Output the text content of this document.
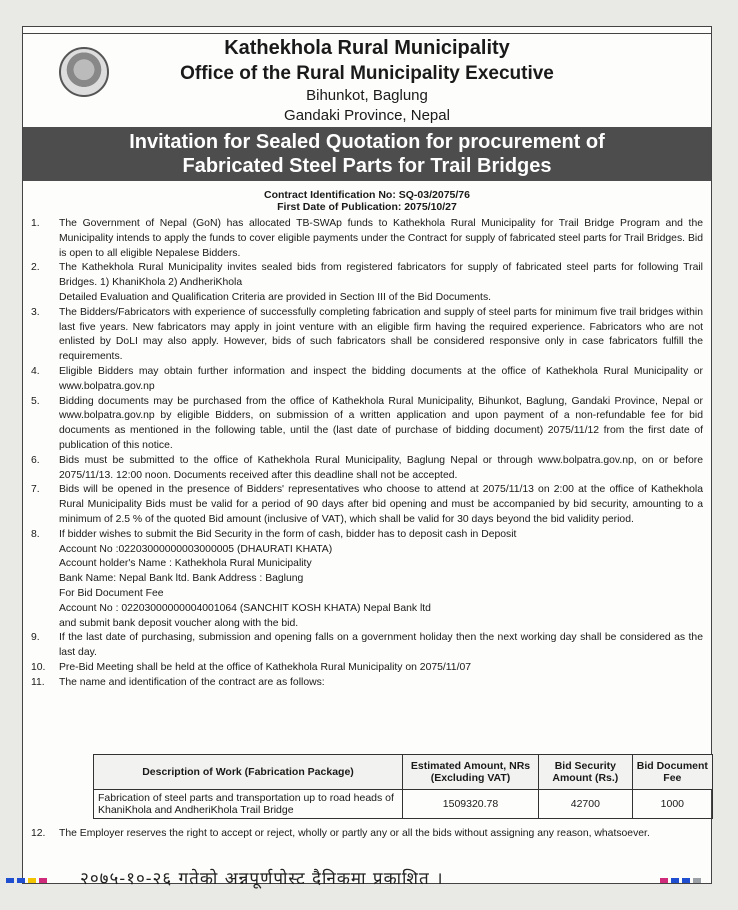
Kathekhola Rural Municipality
Office of the Rural Municipality Executive
Bihunkot, Baglung
Gandaki Province, Nepal
Invitation for Sealed Quotation for procurement of
Fabricated Steel Parts for Trail Bridges
Contract Identification No: SQ-03/2075/76
First Date of Publication: 2075/10/27
1.	The Government of Nepal (GoN) has allocated TB-SWAp funds to Kathekhola Rural Municipality for Trail Bridge Program and the Municipality intends to apply the funds to cover eligible payments under the Contract for supply of fabricated steel parts for Trail Bridges. Bid is open to all eligible Nepalese Bidders.
2.	The Kathekhola Rural Municipality invites sealed bids from registered fabricators for supply of fabricated steel parts for following Trail Bridges. 1) KhaniKhola 2) AndheriKhola
Detailed Evaluation and Qualification Criteria are provided in Section III of the Bid Documents.
3.	The Bidders/Fabricators with experience of successfully completing fabrication and supply of steel parts for minimum five trail bridges within last five years. New fabricators may apply in joint venture with an eligible firm having the required experience. Fabricators who are not enlisted by DoLI may also apply. However, bids of such fabricators shall be considered responsive only in case fabricators fulfill the requirements.
4.	Eligible Bidders may obtain further information and inspect the bidding documents at the office of Kathekhola Rural Municipality or www.bolpatra.gov.np
5.	Bidding documents may be purchased from the office of Kathekhola Rural Municipality, Bihunkot, Baglung, Gandaki Province, Nepal or www.bolpatra.gov.np by eligible Bidders, on submission of a written application and upon payment of a non-refundable fee for bid documents as mentioned in the following table, until the (last date of purchase of bidding document) 2075/11/12 from the first date of publication of this notice.
6.	Bids must be submitted to the office of Kathekhola Rural Municipality, Baglung Nepal or through www.bolpatra.gov.np, on or before 2075/11/13. 12:00 noon. Documents received after this deadline shall not be accepted.
7.	Bids will be opened in the presence of Bidders' representatives who choose to attend at 2075/11/13 on 2:00 at the office of Kathekhola Rural Municipality Bids must be valid for a period of 90 days after bid opening and must be accompanied by bid security, amounting to a minimum of 2.5 % of the quoted Bid amount (inclusive of VAT), which shall be valid for 30 days beyond the bid validity period.
8.	If bidder wishes to submit the Bid Security in the form of cash, bidder has to deposit cash in Deposit
Account No :02203000000003000005 (DHAURATI KHATA)
Account holder's Name : Kathekhola Rural Municipality
Bank Name: Nepal Bank ltd. Bank Address : Baglung
For Bid Document Fee
Account No : 02203000000004001064 (SANCHIT KOSH KHATA) Nepal Bank ltd
and submit bank deposit voucher along with the bid.
9.	If the last date of purchasing, submission and opening falls on a government holiday then the next working day shall be considered as the last day.
10.	Pre-Bid Meeting shall be held at the office of Kathekhola Rural Municipality on 2075/11/07
11.	The name and identification of the contract are as follows:
Description of Work (Fabrication Package)	Estimated Amount, NRs (Excluding VAT)	Bid Security Amount (Rs.)	Bid Document Fee
Fabrication of steel parts and transportation up to road heads of KhaniKhola and AndheriKhola Trail Bridge	1509320.78	42700	1000
12.	The Employer reserves the right to accept or reject, wholly or partly any or all the bids without assigning any reason, whatsoever.
२०७५-१०-२६ गतेको अन्नपूर्णपोस्ट दैनिकमा प्रकाशित ।
